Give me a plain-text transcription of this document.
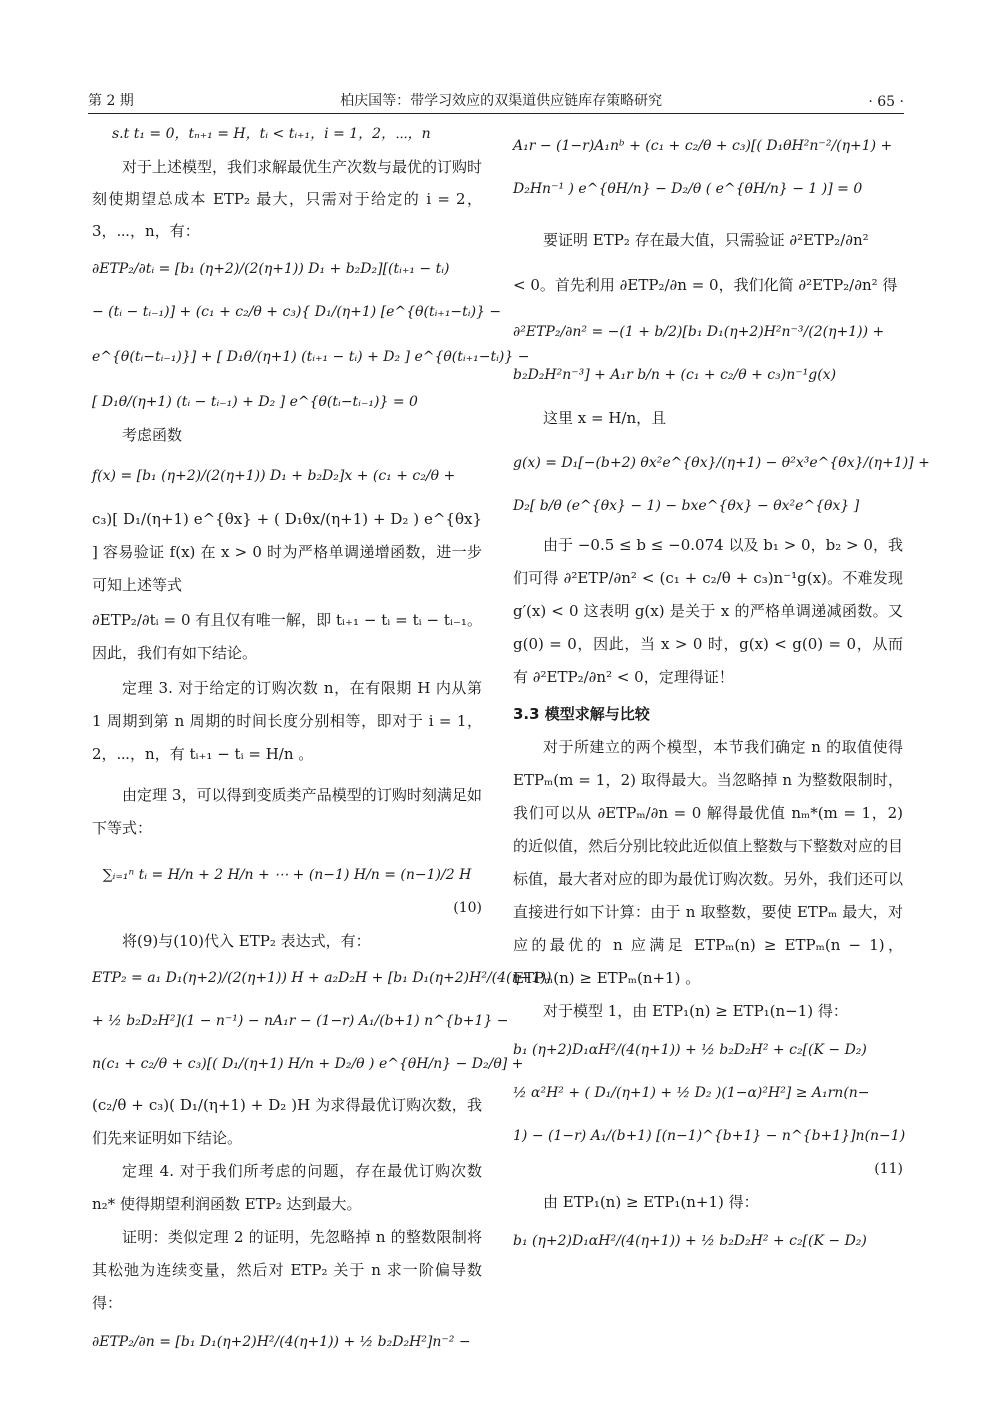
第 2 期	柏庆国等：带学习效应的双渠道供应链库存策略研究	· 65 ·

s.t t₁ = 0，tₙ₊₁ = H，tᵢ < tᵢ₊₁，i = 1，2，⋯，n

对于上述模型，我们求解最优生产次数与最优的订购时刻使期望总成本 ETP₂ 最大，只需对于给定的 i = 2，3，⋯，n，有：

∂ETP₂/∂tᵢ = [b₁ (η+2)/(2(η+1)) D₁ + b₂D₂][(tᵢ₊₁ − tᵢ)

− (tᵢ − tᵢ₋₁)] + (c₁ + c₂/θ + c₃){ D₁/(η+1) [e^{θ(tᵢ₊₁−tᵢ)} −

e^{θ(tᵢ−tᵢ₋₁)}] + [ D₁θ/(η+1) (tᵢ₊₁ − tᵢ) + D₂ ] e^{θ(tᵢ₊₁−tᵢ)} −

[ D₁θ/(η+1) (tᵢ − tᵢ₋₁) + D₂ ] e^{θ(tᵢ−tᵢ₋₁)} = 0

考虑函数

f(x) = [b₁ (η+2)/(2(η+1)) D₁ + b₂D₂]x + (c₁ + c₂/θ +

c₃)[ D₁/(η+1) e^{θx} + ( D₁θx/(η+1) + D₂ ) e^{θx} ] 容易验证 f(x) 在 x > 0 时为严格单调递增函数，进一步可知上述等式

∂ETP₂/∂tᵢ = 0 有且仅有唯一解，即 tᵢ₊₁ − tᵢ = tᵢ − tᵢ₋₁。因此，我们有如下结论。

定理 3. 对于给定的订购次数 n，在有限期 H 内从第 1 周期到第 n 周期的时间长度分别相等，即对于 i = 1，2，⋯，n，有 tᵢ₊₁ − tᵢ = H/n 。

由定理 3，可以得到变质类产品模型的订购时刻满足如下等式：

∑ᵢ₌₁ⁿ tᵢ = H/n + 2 H/n + ⋯ + (n−1) H/n = (n−1)/2 H

(10)

将(9)与(10)代入 ETP₂ 表达式，有：

ETP₂ = a₁ D₁(η+2)/(2(η+1)) H + a₂D₂H + [b₁ D₁(η+2)H²/(4(η+1))

+ ½ b₂D₂H²](1 − n⁻¹) − nA₁r − (1−r) A₁/(b+1) n^{b+1} −

n(c₁ + c₂/θ + c₃)[( D₁/(η+1) H/n + D₂/θ ) e^{θH/n} − D₂/θ] +

(c₂/θ + c₃)( D₁/(η+1) + D₂ )H 为求得最优订购次数，我们先来证明如下结论。

定理 4. 对于我们所考虑的问题，存在最优订购次数 n₂* 使得期望利润函数 ETP₂ 达到最大。

证明：类似定理 2 的证明，先忽略掉 n 的整数限制将其松弛为连续变量，然后对 ETP₂ 关于 n 求一阶偏导数得：

∂ETP₂/∂n = [b₁ D₁(η+2)H²/(4(η+1)) + ½ b₂D₂H²]n⁻² −

A₁r − (1−r)A₁nᵇ + (c₁ + c₂/θ + c₃)[( D₁θH²n⁻²/(η+1) +

D₂Hn⁻¹ ) e^{θH/n} − D₂/θ ( e^{θH/n} − 1 )] = 0

要证明 ETP₂ 存在最大值，只需验证 ∂²ETP₂/∂n²

< 0。首先利用 ∂ETP₂/∂n = 0，我们化简 ∂²ETP₂/∂n² 得

∂²ETP₂/∂n² = −(1 + b/2)[b₁ D₁(η+2)H²n⁻³/(2(η+1)) +

b₂D₂H²n⁻³] + A₁r b/n + (c₁ + c₂/θ + c₃)n⁻¹g(x)

这里 x = H/n，且

g(x) = D₁[−(b+2) θx²e^{θx}/(η+1) − θ²x³e^{θx}/(η+1)] +

D₂[ b/θ (e^{θx} − 1) − bxe^{θx} − θx²e^{θx} ]

由于 −0.5 ≤ b ≤ −0.074 以及 b₁ > 0，b₂ > 0，我们可得 ∂²ETP/∂n² < (c₁ + c₂/θ + c₃)n⁻¹g(x)。不难发现 g′(x) < 0 这表明 g(x) 是关于 x 的严格单调递减函数。又 g(0) = 0，因此，当 x > 0 时，g(x) < g(0) = 0，从而有 ∂²ETP₂/∂n² < 0，定理得证！

3.3 模型求解与比较

对于所建立的两个模型，本节我们确定 n 的取值使得 ETPₘ(m = 1，2) 取得最大。当忽略掉 n 为整数限制时，我们可以从 ∂ETPₘ/∂n = 0 解得最优值 nₘ*(m = 1，2) 的近似值，然后分别比较此近似值上整数与下整数对应的目标值，最大者对应的即为最优订购次数。另外，我们还可以直接进行如下计算：由于 n 取整数，要使 ETPₘ 最大，对应的最优的 n 应满足 ETPₘ(n) ≥ ETPₘ(n − 1)，ETPₘ(n) ≥ ETPₘ(n+1) 。

对于模型 1，由 ETP₁(n) ≥ ETP₁(n−1) 得：

b₁ (η+2)D₁αH²/(4(η+1)) + ½ b₂D₂H² + c₂[(K − D₂)

½ α²H² + ( D₁/(η+1) + ½ D₂ )(1−α)²H²] ≥ A₁rn(n−

1) − (1−r) A₁/(b+1) [(n−1)^{b+1} − n^{b+1}]n(n−1)

(11)

由 ETP₁(n) ≥ ETP₁(n+1) 得：

b₁ (η+2)D₁αH²/(4(η+1)) + ½ b₂D₂H² + c₂[(K − D₂)
